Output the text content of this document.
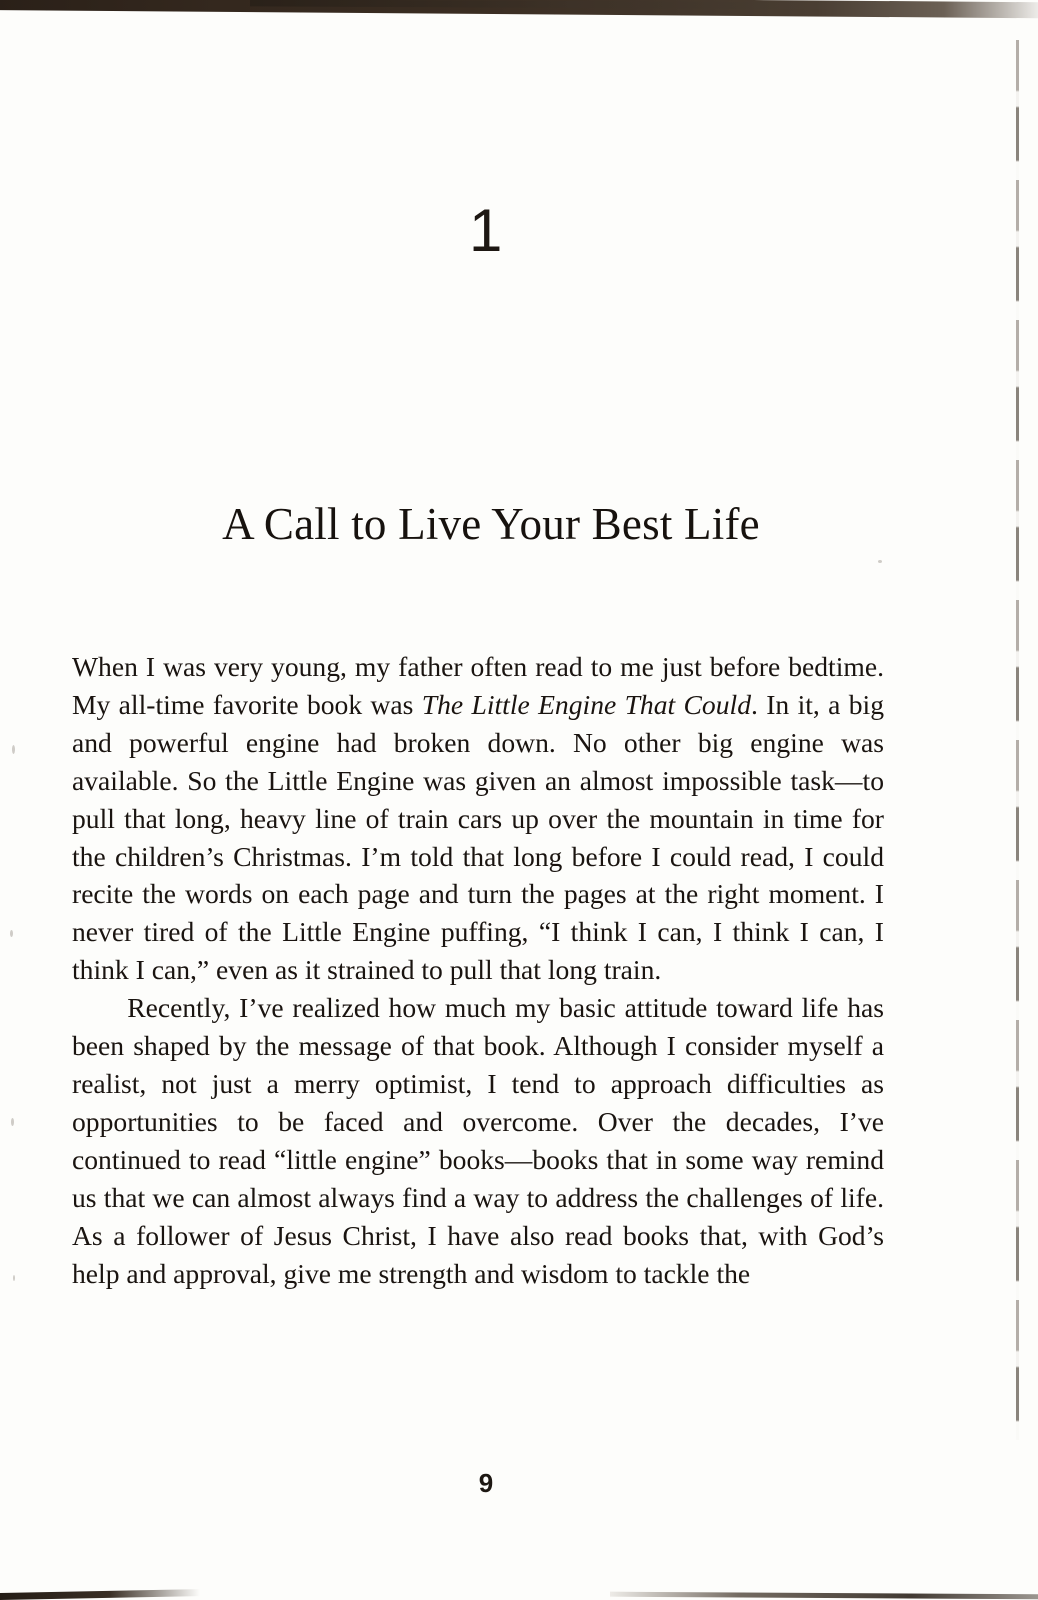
1
A Call to Live Your Best Life

When I was very young, my father often read to me just before bedtime. My all-time favorite book was The Little Engine That Could. In it, a big and powerful engine had broken down. No other big engine was available. So the Little Engine was given an almost impossible task—to pull that long, heavy line of train cars up over the mountain in time for the children’s Christmas. I’m told that long before I could read, I could recite the words on each page and turn the pages at the right moment. I never tired of the Little Engine puffing, “I think I can, I think I can, I think I can,” even as it strained to pull that long train.

Recently, I’ve realized how much my basic attitude toward life has been shaped by the message of that book. Although I consider myself a realist, not just a merry optimist, I tend to approach difficulties as opportunities to be faced and overcome. Over the decades, I’ve continued to read “little engine” books—books that in some way remind us that we can almost always find a way to address the challenges of life. As a follower of Jesus Christ, I have also read books that, with God’s help and approval, give me strength and wisdom to tackle the

9
